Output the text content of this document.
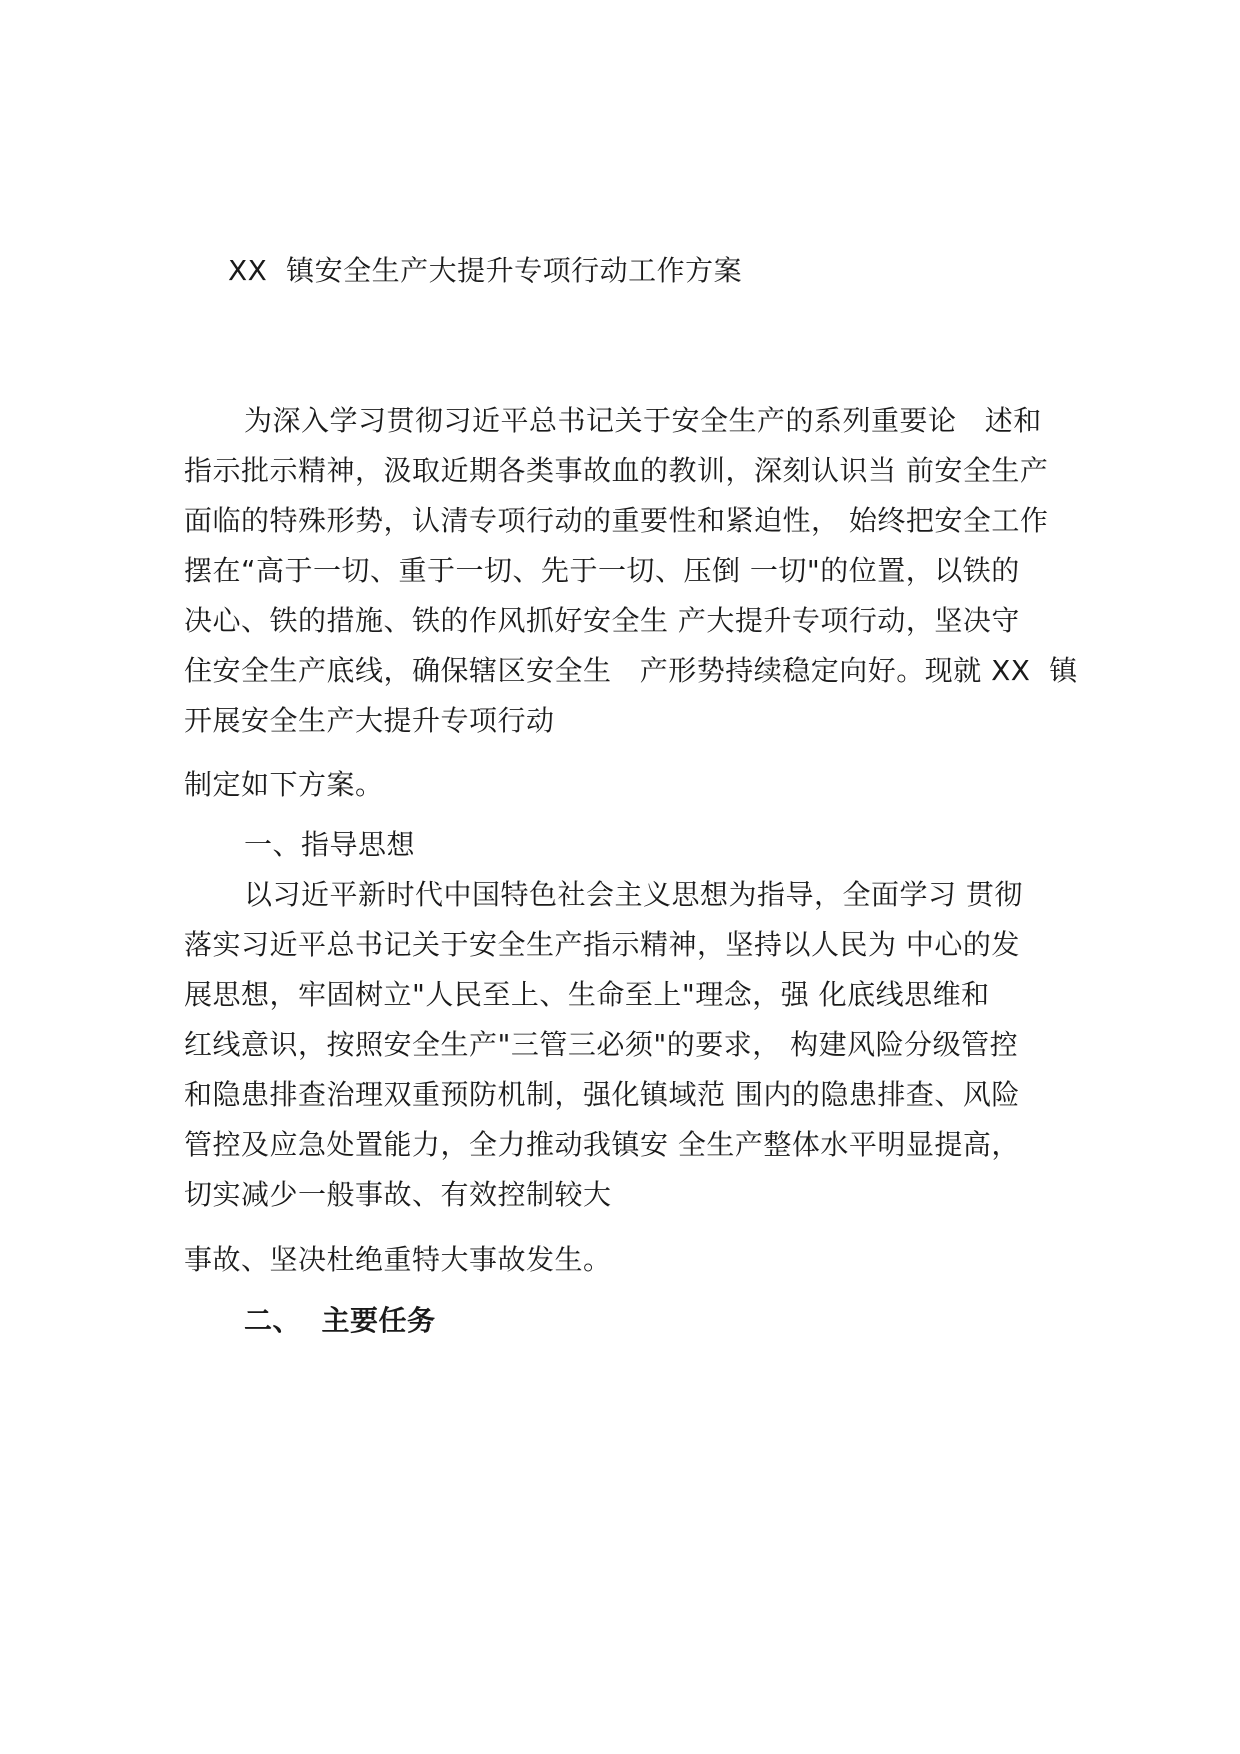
XX  镇安全生产大提升专项行动工作方案
为深入学习贯彻习近平总书记关于安全生产的系列重要论   述和
指示批示精神，汲取近期各类事故血的教训，深刻认识当 前安全生产
面临的特殊形势，认清专项行动的重要性和紧迫性， 始终把安全工作
摆在“高于一切、重于一切、先于一切、压倒 一切"的位置，以铁的
决心、铁的措施、铁的作风抓好安全生 产大提升专项行动，坚决守
住安全生产底线，确保辖区安全生   产形势持续稳定向好。现就 XX  镇
开展安全生产大提升专项行动
制定如下方案。
一、指导思想
以习近平新时代中国特色社会主义思想为指导，全面学习 贯彻
落实习近平总书记关于安全生产指示精神，坚持以人民为 中心的发
展思想，牢固树立"人民至上、生命至上"理念，强 化底线思维和
红线意识，按照安全生产"三管三必须"的要求， 构建风险分级管控
和隐患排查治理双重预防机制，强化镇域范 围内的隐患排查、风险
管控及应急处置能力，全力推动我镇安 全生产整体水平明显提高，
切实减少一般事故、有效控制较大
事故、坚决杜绝重特大事故发生。
二、  主要任务
